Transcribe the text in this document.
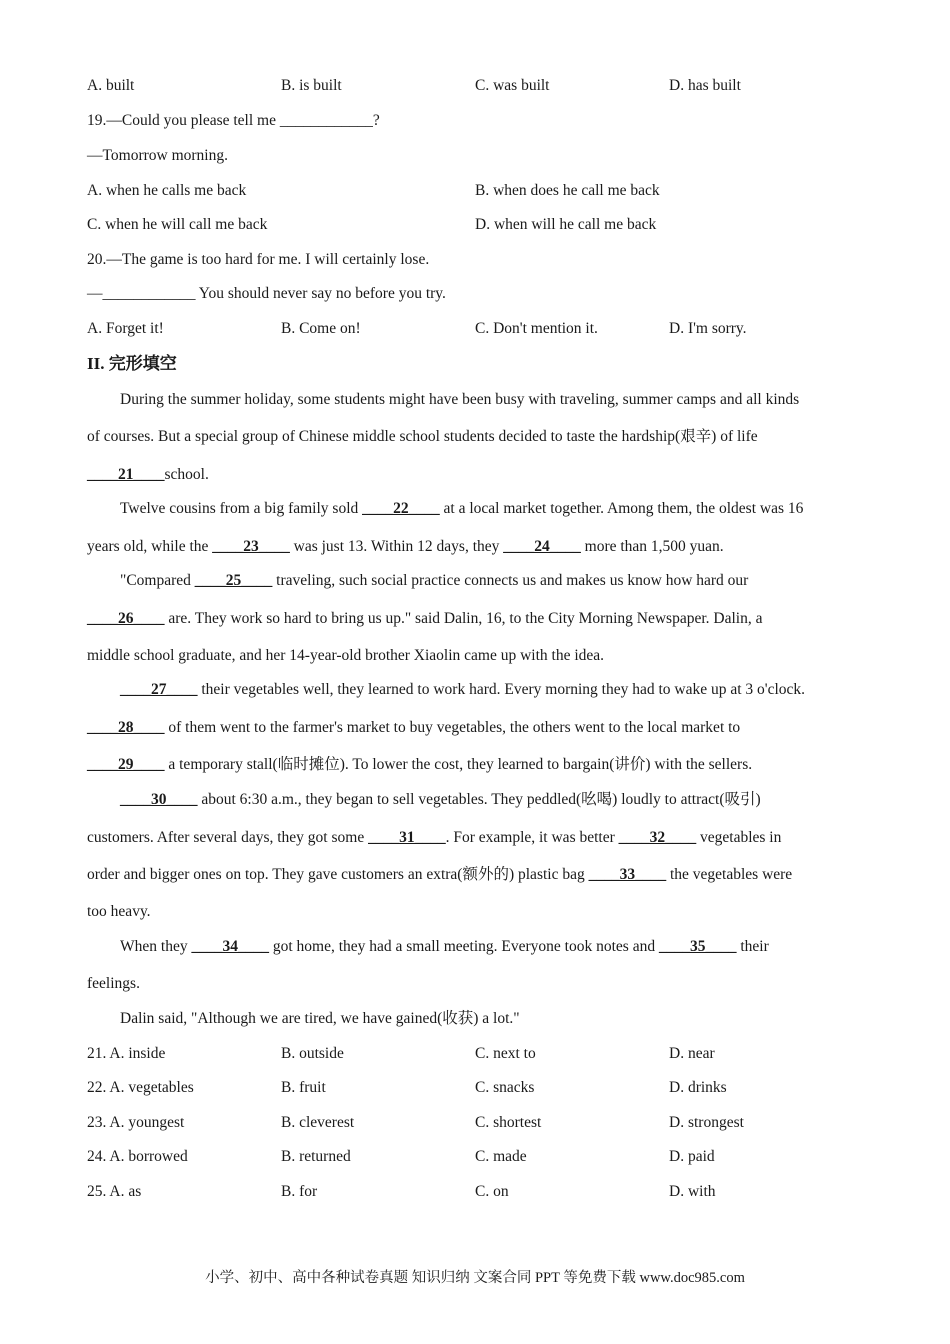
A. built	B. is built	C. was built	D. has built
19.—Could you please tell me ____________?
—Tomorrow morning.
A. when he calls me back	B. when does he call me back
C. when he will call me back	D. when will he call me back
20.—The game is too hard for me. I will certainly lose.
—____________ You should never say no before you try.
A. Forget it!	B. Come on!	C. Don't mention it.	D. I'm sorry.
II. 完形填空
During the summer holiday, some students might have been busy with traveling, summer camps and all kinds
of courses. But a special group of Chinese middle school students decided to taste the hardship(艰辛) of life
____21____school.
Twelve cousins from a big family sold ____22____ at a local market together. Among them, the oldest was 16
years old, while the ____23____ was just 13. Within 12 days, they ____24____ more than 1,500 yuan.
"Compared ____25____ traveling, such social practice connects us and makes us know how hard our
____26____ are. They work so hard to bring us up." said Dalin, 16, to the City Morning Newspaper. Dalin, a
middle school graduate, and her 14-year-old brother Xiaolin came up with the idea.
____27____ their vegetables well, they learned to work hard. Every morning they had to wake up at 3 o'clock.
____28____ of them went to the farmer's market to buy vegetables, the others went to the local market to
____29____ a temporary stall(临时摊位). To lower the cost, they learned to bargain(讲价) with the sellers.
____30____ about 6:30 a.m., they began to sell vegetables. They peddled(吆喝) loudly to attract(吸引)
customers. After several days, they got some ____31____. For example, it was better ____32____ vegetables in
order and bigger ones on top. They gave customers an extra(额外的) plastic bag ____33____ the vegetables were
too heavy.
When they ____34____ got home, they had a small meeting. Everyone took notes and ____35____ their
feelings.
Dalin said, "Although we are tired, we have gained(收获) a lot."
21. A. inside	B. outside	C. next to	D. near
22. A. vegetables	B. fruit	C. snacks	D. drinks
23. A. youngest	B. cleverest	C. shortest	D. strongest
24. A. borrowed	B. returned	C. made	D. paid
25. A. as	B. for	C. on	D. with
小学、初中、高中各种试卷真题 知识归纳 文案合同 PPT 等免费下载 www.doc985.com
